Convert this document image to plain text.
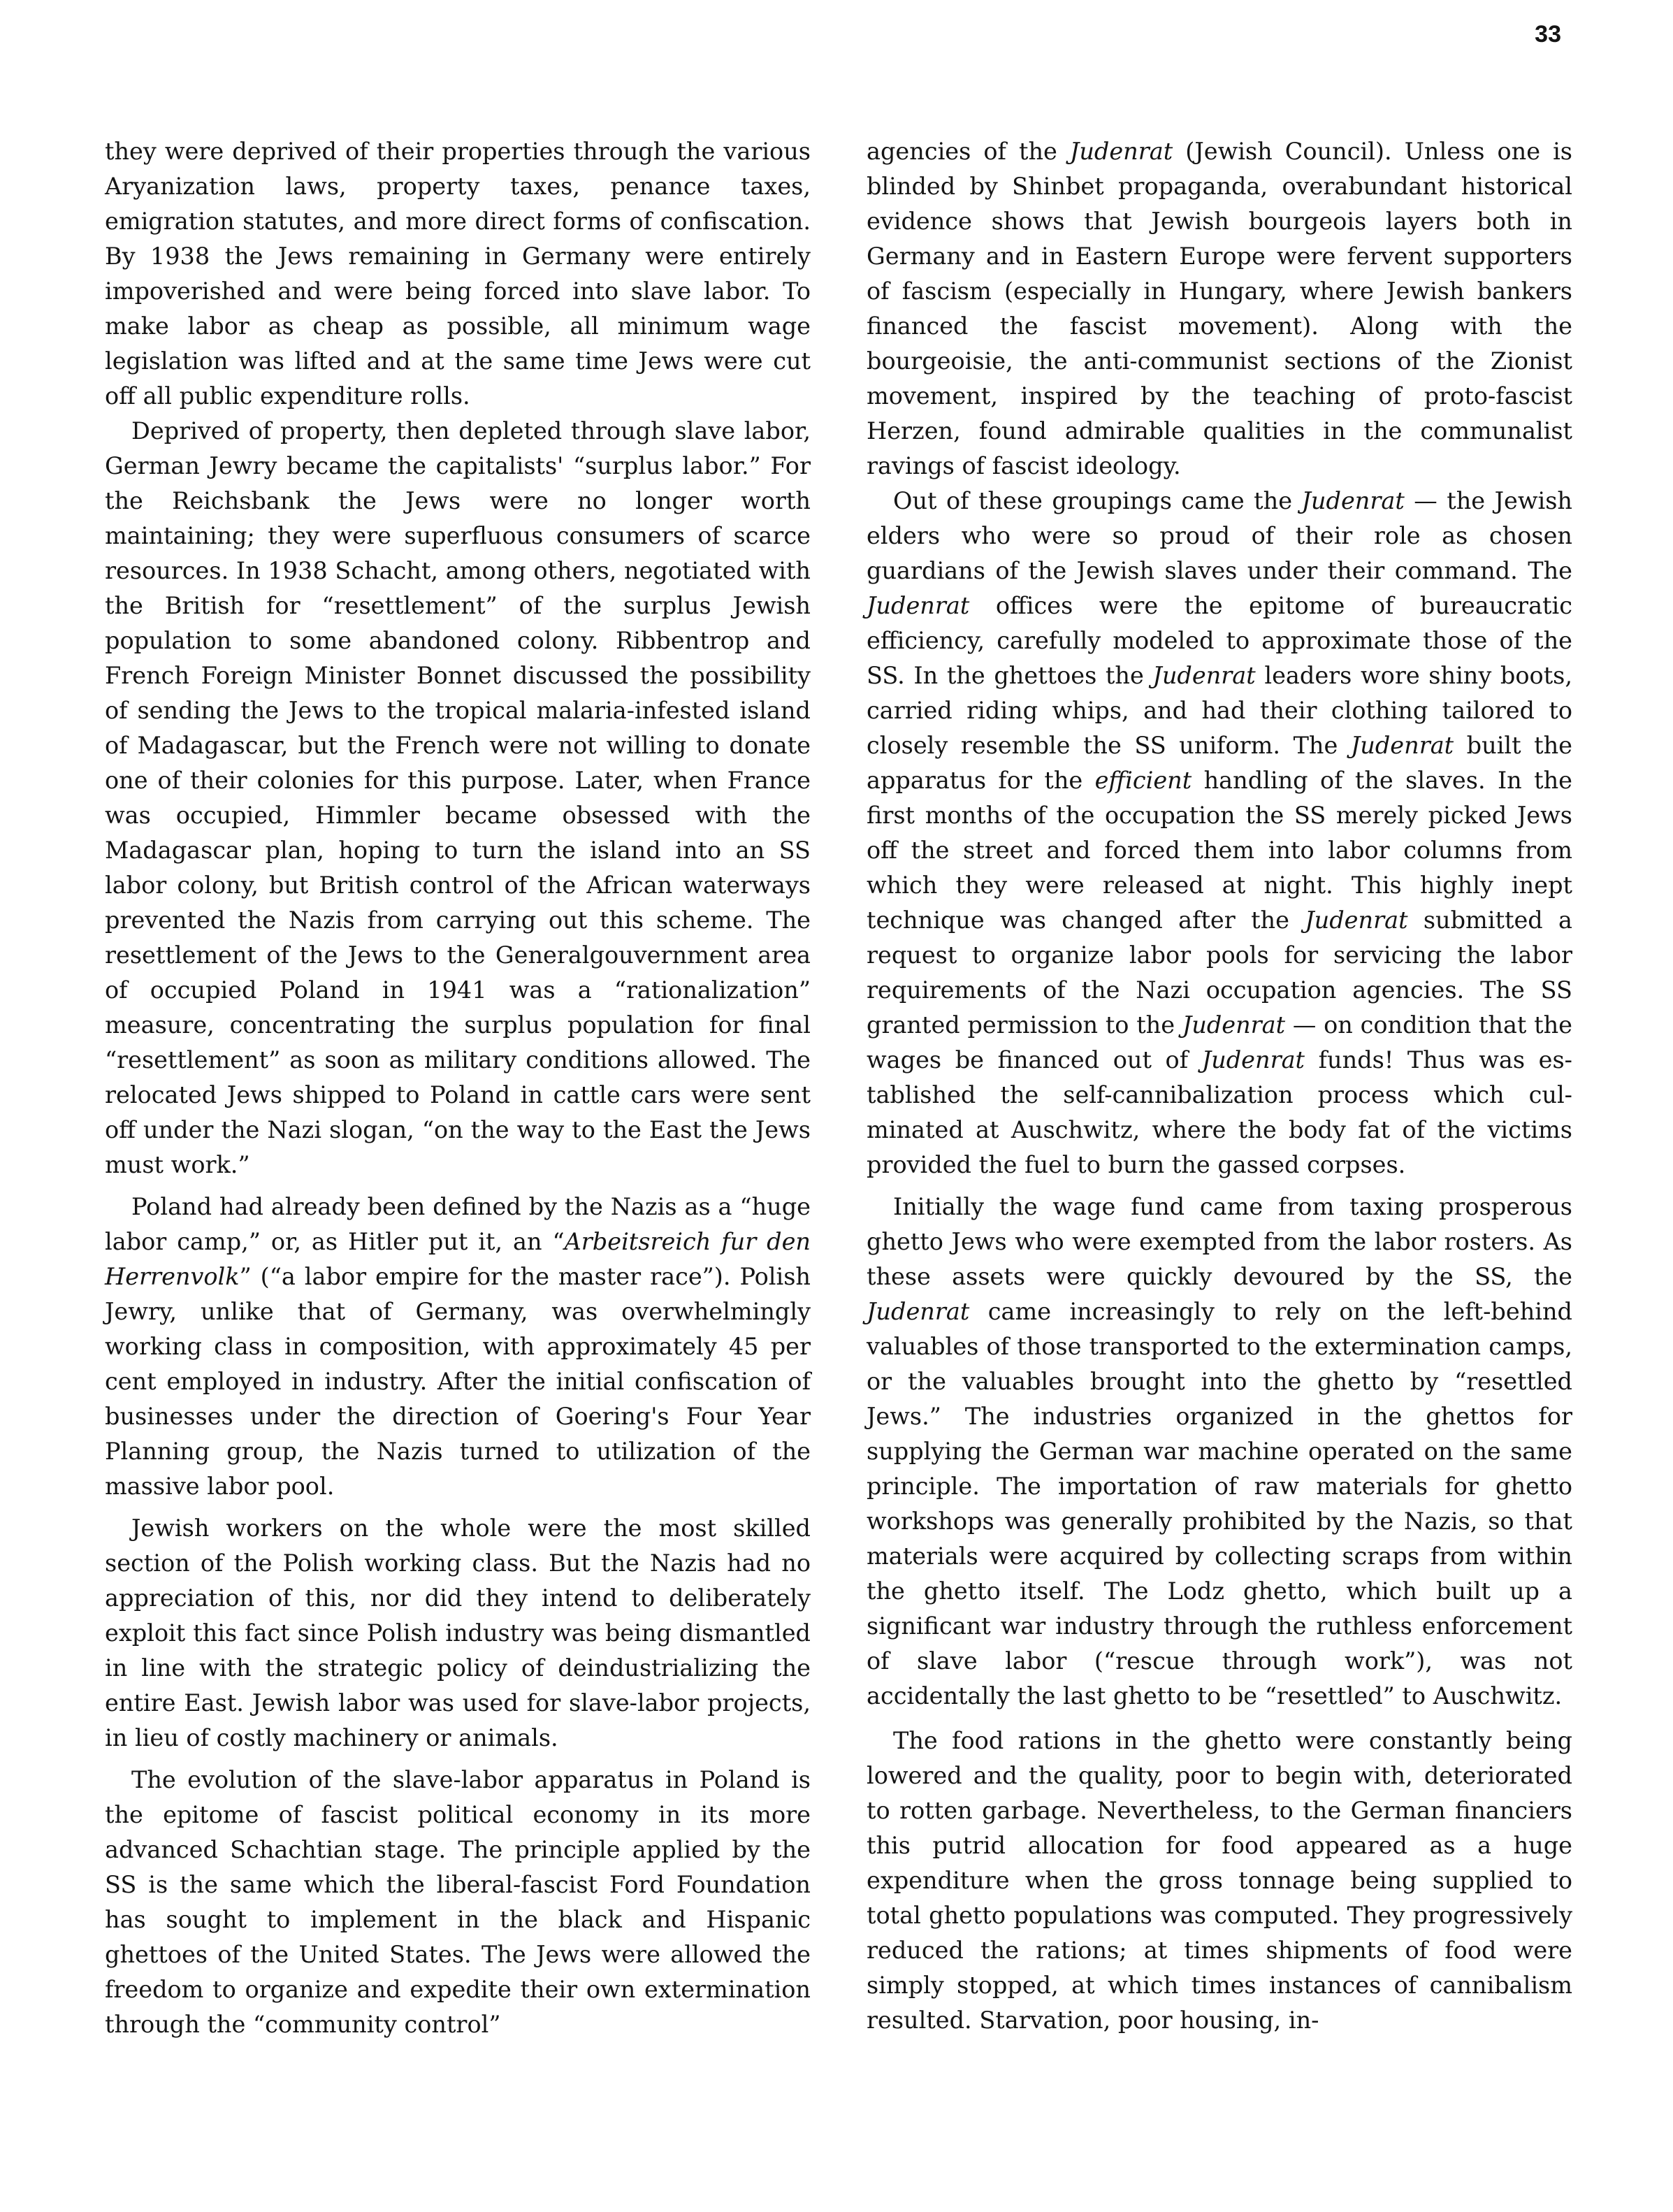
33

they were deprived of their properties through the various Aryanization laws, property taxes, penance taxes, emigration statutes, and more direct forms of confiscation. By 1938 the Jews remaining in Germany were entirely impoverished and were being forced into slave labor. To make labor as cheap as possible, all minimum wage legislation was lifted and at the same time Jews were cut off all public expenditure rolls.

Deprived of property, then depleted through slave labor, German Jewry became the capitalists' “surplus labor.” For the Reichsbank the Jews were no longer worth maintaining; they were superfluous consumers of scarce resources. In 1938 Schacht, among others, negotiated with the British for “resettlement” of the surplus Jewish population to some abandoned colony. Ribbentrop and French Foreign Minister Bonnet discussed the possibility of sending the Jews to the tropical malaria-infested island of Madagascar, but the French were not willing to donate one of their colonies for this purpose. Later, when France was occupied, Himmler became obsessed with the Madagascar plan, hoping to turn the island into an SS labor colony, but British control of the African waterways prevented the Nazis from carrying out this scheme. The resettlement of the Jews to the Generalgouvernment area of occupied Poland in 1941 was a “rationalization” measure, concentrating the surplus population for final “resettlement” as soon as military conditions allowed. The relocated Jews shipped to Poland in cattle cars were sent off under the Nazi slogan, “on the way to the East the Jews must work.”

Poland had already been defined by the Nazis as a “huge labor camp,” or, as Hitler put it, an “Arbeitsreich fur den Herrenvolk” (“a labor empire for the master race”). Polish Jewry, unlike that of Germany, was overwhelmingly working class in composition, with approximately 45 per cent employed in industry. After the initial confiscation of businesses under the direction of Goering's Four Year Planning group, the Nazis turned to utilization of the massive labor pool.

Jewish workers on the whole were the most skilled section of the Polish working class. But the Nazis had no appreciation of this, nor did they intend to deliberately exploit this fact since Polish industry was being dismantled in line with the strategic policy of deindustrializing the entire East. Jewish labor was used for slave-labor projects, in lieu of costly machinery or animals.

The evolution of the slave-labor apparatus in Poland is the epitome of fascist political economy in its more advanced Schachtian stage. The principle applied by the SS is the same which the liberal-fascist Ford Foundation has sought to implement in the black and Hispanic ghettoes of the United States. The Jews were allowed the freedom to organize and expedite their own extermination through the “community control”

agencies of the Judenrat (Jewish Council). Unless one is blinded by Shinbet propaganda, overabundant historical evidence shows that Jewish bourgeois layers both in Germany and in Eastern Europe were fervent supporters of fascism (especially in Hungary, where Jewish bankers financed the fascist movement). Along with the bourgeoisie, the anti-communist sections of the Zionist movement, inspired by the teaching of proto-fascist Herzen, found admirable qualities in the communalist ravings of fascist ideology.

Out of these groupings came the Judenrat — the Jewish elders who were so proud of their role as chosen guardians of the Jewish slaves under their command. The Judenrat offices were the epitome of bureaucratic efficiency, carefully modeled to approximate those of the SS. In the ghettoes the Judenrat leaders wore shiny boots, carried riding whips, and had their clothing tailored to closely resemble the SS uniform. The Judenrat built the apparatus for the efficient handling of the slaves. In the first months of the occupation the SS merely picked Jews off the street and forced them into labor columns from which they were released at night. This highly inept technique was changed after the Judenrat submitted a request to organize labor pools for servicing the labor requirements of the Nazi occupation agencies. The SS granted permission to the Judenrat — on condition that the wages be financed out of Judenrat funds! Thus was established the self-cannibalization process which culminated at Auschwitz, where the body fat of the victims provided the fuel to burn the gassed corpses.

Initially the wage fund came from taxing prosperous ghetto Jews who were exempted from the labor rosters. As these assets were quickly devoured by the SS, the Judenrat came increasingly to rely on the left-behind valuables of those transported to the extermination camps, or the valuables brought into the ghetto by “resettled Jews.” The industries organized in the ghettos for supplying the German war machine operated on the same principle. The importation of raw materials for ghetto workshops was generally prohibited by the Nazis, so that materials were acquired by collecting scraps from within the ghetto itself. The Lodz ghetto, which built up a significant war industry through the ruthless enforcement of slave labor (“rescue through work”), was not accidentally the last ghetto to be “resettled” to Auschwitz.

The food rations in the ghetto were constantly being lowered and the quality, poor to begin with, deteriorated to rotten garbage. Nevertheless, to the German financiers this putrid allocation for food appeared as a huge expenditure when the gross tonnage being supplied to total ghetto populations was computed. They progressively reduced the rations; at times shipments of food were simply stopped, at which times instances of cannibalism resulted. Starvation, poor housing, in-
